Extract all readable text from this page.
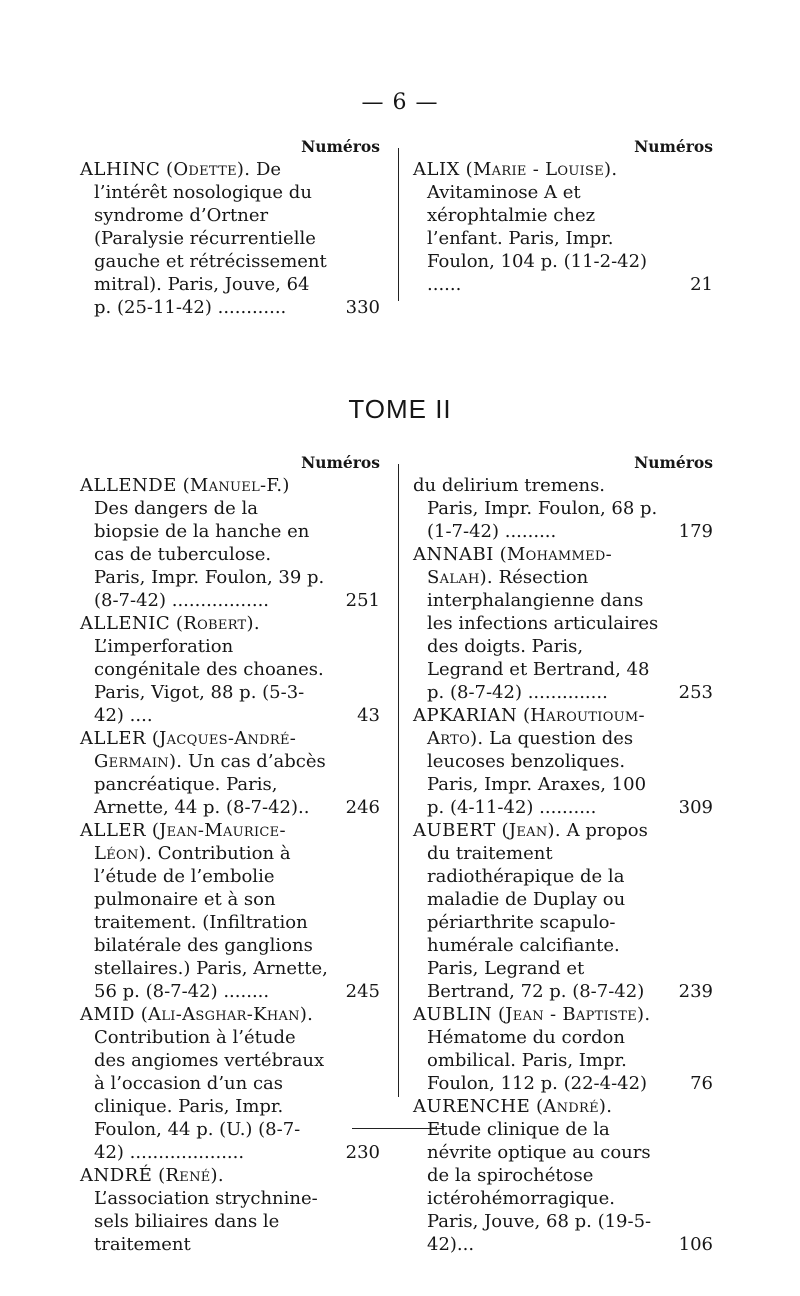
— 6 —
Numéros
ALHINC (Odette). De l’intérêt nosologique du syndrome d’Ortner (Paralysie récurrentielle gauche et rétrécissement mitral). Paris, Jouve, 64 p. (25-11-42) ............	330
Numéros
ALIX (Marie - Louise). Avitaminose A et xérophtalmie chez l’enfant. Paris, Impr. Foulon, 104 p. (11-2-42) ......	21
TOME II
Numéros
ALLENDE (Manuel-F.) Des dangers de la biopsie de la hanche en cas de tuberculose. Paris, Impr. Foulon, 39 p. (8-7-42) .................	251
ALLENIC (Robert). L’imperforation congénitale des choanes. Paris, Vigot, 88 p. (5-3-42) ....	43
ALLER (Jacques-André-Germain). Un cas d’abcès pancréatique. Paris, Arnette, 44 p. (8-7-42).. 246
ALLER (Jean-Maurice-Léon). Contribution à l’étude de l’embolie pulmonaire et à son traitement. (Infiltration bilatérale des ganglions stellaires.) Paris, Arnette, 56 p. (8-7-42) ........	245
AMID (Ali-Asghar-Khan). Contribution à l’étude des angiomes vertébraux à l’occasion d’un cas clinique. Paris, Impr. Foulon, 44 p. (U.) (8-7-42) ....................	230
ANDRÉ (René). L’association strychnine-sels biliaires dans le traitement
Numéros
du delirium tremens. Paris, Impr. Foulon, 68 p. (1-7-42) .........	179
ANNABI (Mohammed-Salah). Résection interphalangienne dans les infections articulaires des doigts. Paris, Legrand et Bertrand, 48 p. (8-7-42) ..............	253
APKARIAN (Haroutioum-Arto). La question des leucoses benzoliques. Paris, Impr. Araxes, 100 p. (4-11-42) ..........	309
AUBERT (Jean). A propos du traitement radiothérapique de la maladie de Duplay ou périarthrite scapulo-humérale calcifiante. Paris, Legrand et Bertrand, 72 p. (8-7-42) 239
AUBLIN (Jean - Baptiste). Hématome du cordon ombilical. Paris, Impr. Foulon, 112 p. (22-4-42) 76
AURENCHE (André). Etude clinique de la névrite optique au cours de la spirochétose ictérohémorragique. Paris, Jouve, 68 p. (19-5-42)...	106
